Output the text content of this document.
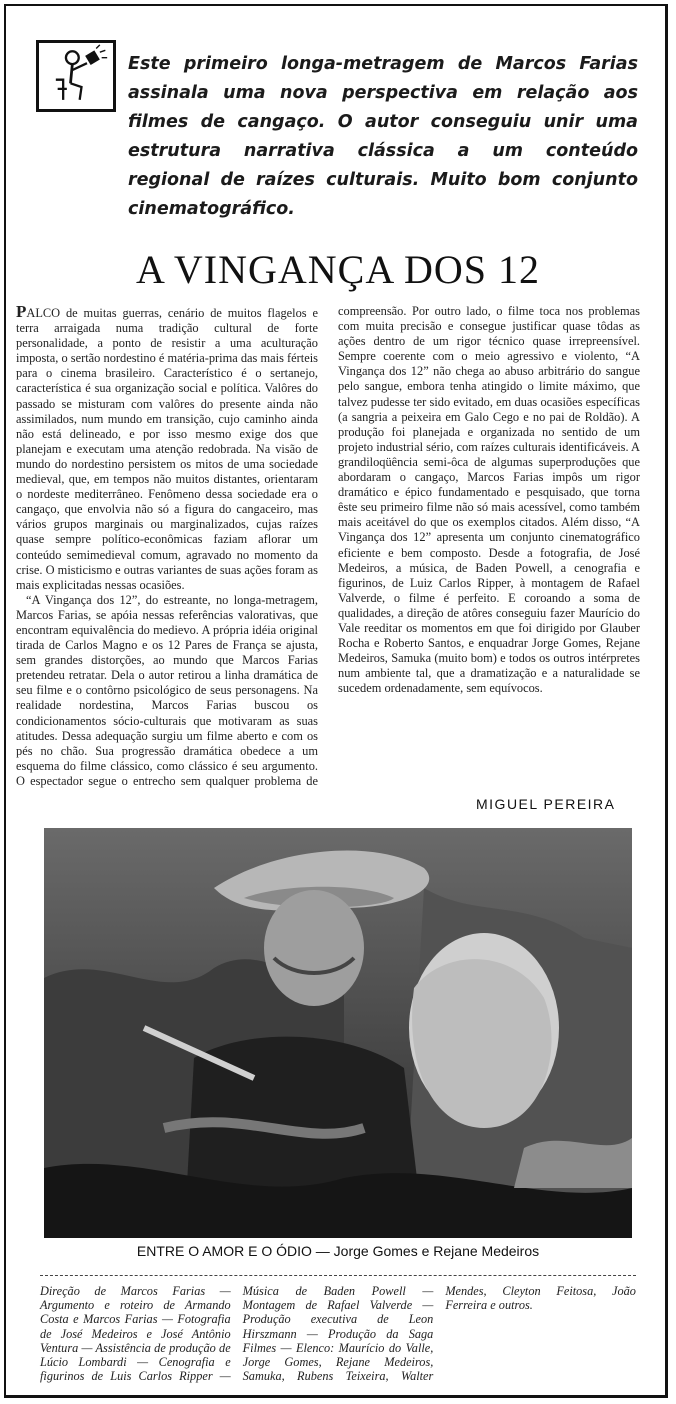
Este primeiro longa-metragem de Marcos Farias assinala uma nova perspectiva em relação aos filmes de cangaço. O autor conseguiu unir uma estrutura narrativa clássica a um conteúdo regional de raízes culturais. Muito bom conjunto cinematográfico.

A VINGANÇA DOS 12

PALCO de muitas guerras, cenário de muitos flagelos e terra arraigada numa tradição cultural de forte personalidade, a ponto de resistir a uma aculturação imposta, o sertão nordestino é matéria-prima das mais férteis para o cinema brasileiro. Característico é o sertanejo, característica é sua organização social e política. Valôres do passado se misturam com valôres do presente ainda não assimilados, num mundo em transição, cujo caminho ainda não está delineado, e por isso mesmo exige dos que planejam e executam uma atenção redobrada. Na visão de mundo do nordestino persistem os mitos de uma sociedade medieval, que, em tempos não muitos distantes, orientaram o nordeste mediterrâneo. Fenômeno dessa sociedade era o cangaço, que envolvia não só a figura do cangaceiro, mas vários grupos marginais ou marginalizados, cujas raízes quase sempre político-econômicas faziam aflorar um conteúdo semimedieval comum, agravado no momento da crise. O misticismo e outras variantes de suas ações foram as mais explicitadas nessas ocasiões.

“A Vingança dos 12”, do estreante, no longa-metragem, Marcos Farias, se apóia nessas referências valorativas, que encontram equivalência do medievo. A própria idéia original tirada de Carlos Magno e os 12 Pares de França se ajusta, sem grandes distorções, ao mundo que Marcos Farias pretendeu retratar. Dela o autor retirou a linha dramática de seu filme e o contôrno psicológico de seus personagens. Na realidade nordestina, Marcos Farias buscou os condicionamentos sócio-culturais que motivaram as suas atitudes. Dessa adequação surgiu um filme aberto e com os pés no chão. Sua progressão dramática obedece a um esquema do filme clássico, como clássico é seu argumento. O espectador segue o entrecho sem qualquer problema de compreensão. Por outro lado, o filme toca nos problemas com muita precisão e consegue justificar quase tôdas as ações dentro de um rigor técnico quase irrepreensível. Sempre coerente com o meio agressivo e violento, “A Vingança dos 12” não chega ao abuso arbitrário do sangue pelo sangue, embora tenha atingido o limite máximo, que talvez pudesse ter sido evitado, em duas ocasiões específicas (a sangria a peixeira em Galo Cego e no pai de Roldão). A produção foi planejada e organizada no sentido de um projeto industrial sério, com raízes culturais identificáveis. A grandiloqüência semi-ôca de algumas superproduções que abordaram o cangaço, Marcos Farias impôs um rigor dramático e épico fundamentado e pesquisado, que torna êste seu primeiro filme não só mais acessível, como também mais aceitável do que os exemplos citados. Além disso, “A Vingança dos 12” apresenta um conjunto cinematográfico eficiente e bem composto. Desde a fotografia, de José Medeiros, a música, de Baden Powell, a cenografia e figurinos, de Luiz Carlos Ripper, à montagem de Rafael Valverde, o filme é perfeito. E coroando a soma de qualidades, a direção de atôres conseguiu fazer Maurício do Vale reeditar os momentos em que foi dirigido por Glauber Rocha e Roberto Santos, e enquadrar Jorge Gomes, Rejane Medeiros, Samuka (muito bom) e todos os outros intérpretes num ambiente tal, que a dramatização e a naturalidade se sucedem ordenadamente, sem equívocos.

MIGUEL PEREIRA
ENTRE O AMOR E O ÓDIO — Jorge Gomes e Rejane Medeiros

Direção de Marcos Farias — Argumento e roteiro de Armando Costa e Marcos Farias — Fotografia de José Medeiros e José Antônio Ventura — Assistência de produção de Lúcio Lombardi — Cenografia e figurinos de Luis Carlos Ripper — Música de Baden Powell — Montagem de Rafael Valverde — Produção executiva de Leon Hirszmann — Produção da Saga Filmes — Elenco: Maurício do Valle, Jorge Gomes, Rejane Medeiros, Samuka, Rubens Teixeira, Walter Mendes, Cleyton Feitosa, João Ferreira e outros.
